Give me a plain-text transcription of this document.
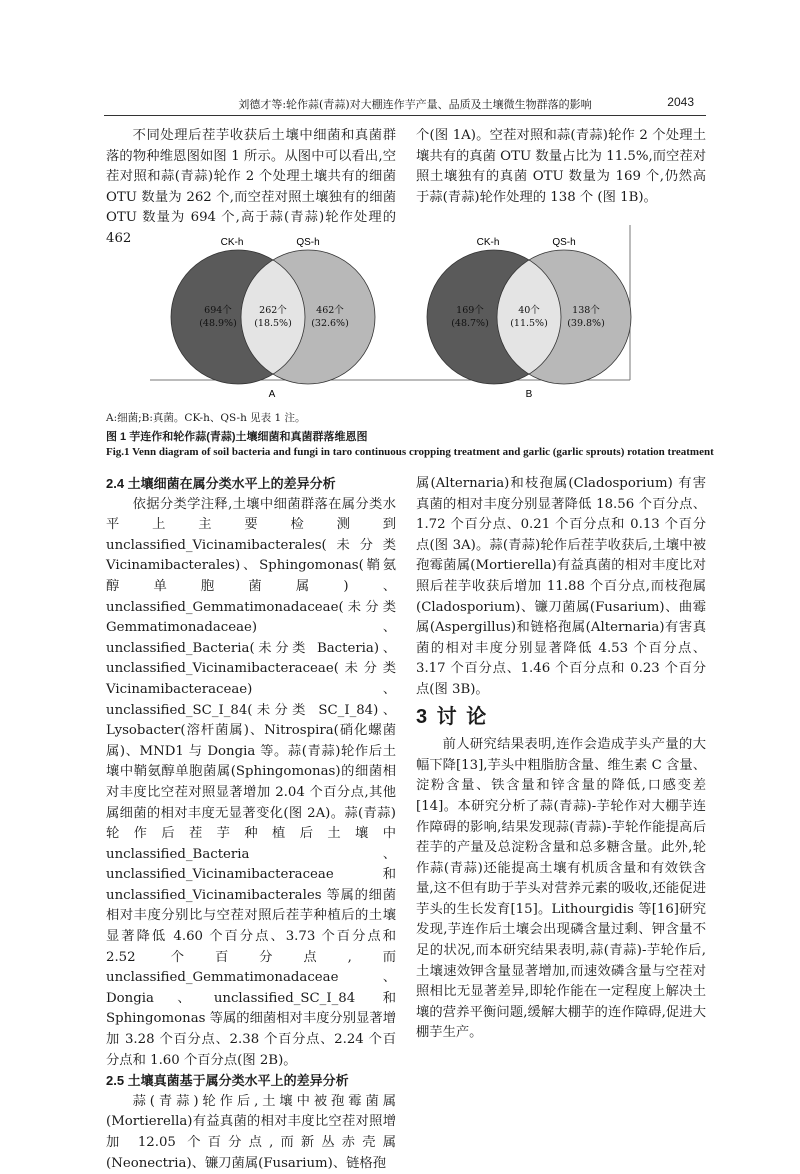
刘德才等:轮作蒜(青蒜)对大棚连作芋产量、品质及土壤微生物群落的影响	2043

不同处理后茬芋收获后土壤中细菌和真菌群落的物种维恩图如图 1 所示。从图中可以看出,空茬对照和蒜(青蒜)轮作 2 个处理土壤共有的细菌 OTU 数量为 262 个,而空茬对照土壤独有的细菌 OTU 数量为 694 个,高于蒜(青蒜)轮作处理的 462

个(图 1A)。空茬对照和蒜(青蒜)轮作 2 个处理土壤共有的真菌 OTU 数量占比为 11.5%,而空茬对照土壤独有的真菌 OTU 数量为 169 个,仍然高于蒜(青蒜)轮作处理的 138 个 (图 1B)。

CK-h	QS-h
694个
(48.9%)
262个
(18.5%)
462个
(32.6%)
A
CK-h	QS-h
169个
(48.7%)
40个
(11.5%)
138个
(39.8%)
B
A:细菌;B:真菌。CK-h、QS-h 见表 1 注。
图 1 芋连作和轮作蒜(青蒜)土壤细菌和真菌群落维恩图
Fig.1 Venn diagram of soil bacteria and fungi in taro continuous cropping treatment and garlic (garlic sprouts) rotation treatment
2.4 土壤细菌在属分类水平上的差异分析

依据分类学注释,土壤中细菌群落在属分类水平上主要检测到 unclassified_Vicinamibacterales(未分类 Vicinamibacterales)、Sphingomonas(鞘氨醇单胞菌属)、unclassified_Gemmatimonadaceae(未分类 Gemmatimonadaceae)、unclassified_Bacteria(未分类 Bacteria)、unclassified_Vicinamibacteraceae(未分类 Vicinamibacteraceae)、unclassified_SC_I_84(未分类 SC_I_84)、Lysobacter(溶杆菌属)、Nitrospira(硝化螺菌属)、MND1 与 Dongia 等。蒜(青蒜)轮作后土壤中鞘氨醇单胞菌属(Sphingomonas)的细菌相对丰度比空茬对照显著增加 2.04 个百分点,其他属细菌的相对丰度无显著变化(图 2A)。蒜(青蒜)轮作后茬芋种植后土壤中 unclassified_Bacteria、unclassified_Vicinamibacteraceae 和 unclassified_Vicinamibacterales 等属的细菌相对丰度分别比与空茬对照后茬芋种植后的土壤显著降低 4.60 个百分点、3.73 个百分点和 2.52 个百分点,而 unclassified_Gemmatimonadaceae、Dongia、unclassified_SC_I_84 和 Sphingomonas 等属的细菌相对丰度分别显著增加 3.28 个百分点、2.38 个百分点、2.24 个百分点和 1.60 个百分点(图 2B)。

2.5 土壤真菌基于属分类水平上的差异分析

蒜(青蒜)轮作后,土壤中被孢霉菌属(Mortierella)有益真菌的相对丰度比空茬对照增加 12.05 个百分点,而新丛赤壳属(Neonectria)、镰刀菌属(Fusarium)、链格孢

属(Alternaria)和枝孢属(Cladosporium) 有害真菌的相对丰度分别显著降低 18.56 个百分点、1.72 个百分点、0.21 个百分点和 0.13 个百分点(图 3A)。蒜(青蒜)轮作后茬芋收获后,土壤中被孢霉菌属(Mortierella)有益真菌的相对丰度比对照后茬芋收获后增加 11.88 个百分点,而枝孢属(Cladosporium)、镰刀菌属(Fusarium)、曲霉属(Aspergillus)和链格孢属(Alternaria)有害真菌的相对丰度分别显著降低 4.53 个百分点、3.17 个百分点、1.46 个百分点和 0.23 个百分点(图 3B)。

3 讨 论

前人研究结果表明,连作会造成芋头产量的大幅下降[13],芋头中粗脂肪含量、维生素 C 含量、淀粉含量、铁含量和锌含量的降低,口感变差[14]。本研究分析了蒜(青蒜)-芋轮作对大棚芋连作障碍的影响,结果发现蒜(青蒜)-芋轮作能提高后茬芋的产量及总淀粉含量和总多糖含量。此外,轮作蒜(青蒜)还能提高土壤有机质含量和有效铁含量,这不但有助于芋头对营养元素的吸收,还能促进芋头的生长发育[15]。Lithourgidis 等[16]研究发现,芋连作后土壤会出现磷含量过剩、钾含量不足的状况,而本研究结果表明,蒜(青蒜)-芋轮作后,土壤速效钾含量显著增加,而速效磷含量与空茬对照相比无显著差异,即轮作能在一定程度上解决土壤的营养平衡问题,缓解大棚芋的连作障碍,促进大棚芋生产。
